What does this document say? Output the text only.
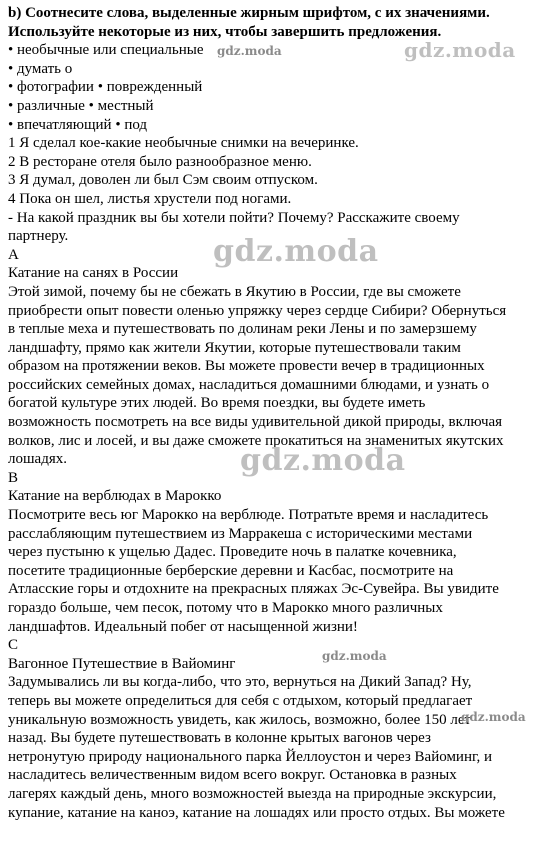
b) Соотнесите слова, выделенные жирным шрифтом, с их значениями.
Используйте некоторые из них, чтобы завершить предложения.
• необычные или специальные
• думать о
• фотографии • поврежденный
• различные • местный
• впечатляющий • под
1 Я сделал кое-какие необычные снимки на вечеринке.
2 В ресторане отеля было разнообразное меню.
3 Я думал, доволен ли был Сэм своим отпуском.
4 Пока он шел, листья хрустели под ногами.
- На какой праздник вы бы хотели пойти? Почему? Расскажите своему
партнеру.
A
Катание на санях в России
Этой зимой, почему бы не сбежать в Якутию в России, где вы сможете
приобрести опыт повести оленью упряжку через сердце Сибири? Обернуться
в теплые меха и путешествовать по долинам реки Лены и по замерзшему
ландшафту, прямо как жители Якутии, которые путешествовали таким
образом на протяжении веков. Вы можете провести вечер в традиционных
российских семейных домах, насладиться домашними блюдами, и узнать о
богатой культуре этих людей. Во время поездки, вы будете иметь
возможность посмотреть на все виды удивительной дикой природы, включая
волков, лис и лосей, и вы даже сможете прокатиться на знаменитых якутских
лошадях.
B
Катание на верблюдах в Марокко
Посмотрите весь юг Марокко на верблюде. Потратьте время и насладитесь
расслабляющим путешествием из Марракеша с историческими местами
через пустыню к ущелью Дадес. Проведите ночь в палатке кочевника,
посетите традиционные берберские деревни и Касбас, посмотрите на
Атласские горы и отдохните на прекрасных пляжах Эс-Сувейра. Вы увидите
гораздо больше, чем песок, потому что в Марокко много различных
ландшафтов. Идеальный побег от насыщенной жизни!
C
Вагонное Путешествие в Вайоминг
Задумывались ли вы когда-либо, что это, вернуться на Дикий Запад? Ну,
теперь вы можете определиться для себя с отдыхом, который предлагает
уникальную возможность увидеть, как жилось, возможно, более 150 лет
назад. Вы будете путешествовать в колонне крытых вагонов через
нетронутую природу национального парка Йеллоустон и через Вайоминг, и
насладитесь величественным видом всего вокруг. Остановка в разных
лагерях каждый день, много возможностей выезда на природные экскурсии,
купание, катание на каноэ, катание на лошадях или просто отдых. Вы можете
gdz.moda	gdz.moda
gdz.moda
gdz.moda
gdz.moda
gdz.moda
